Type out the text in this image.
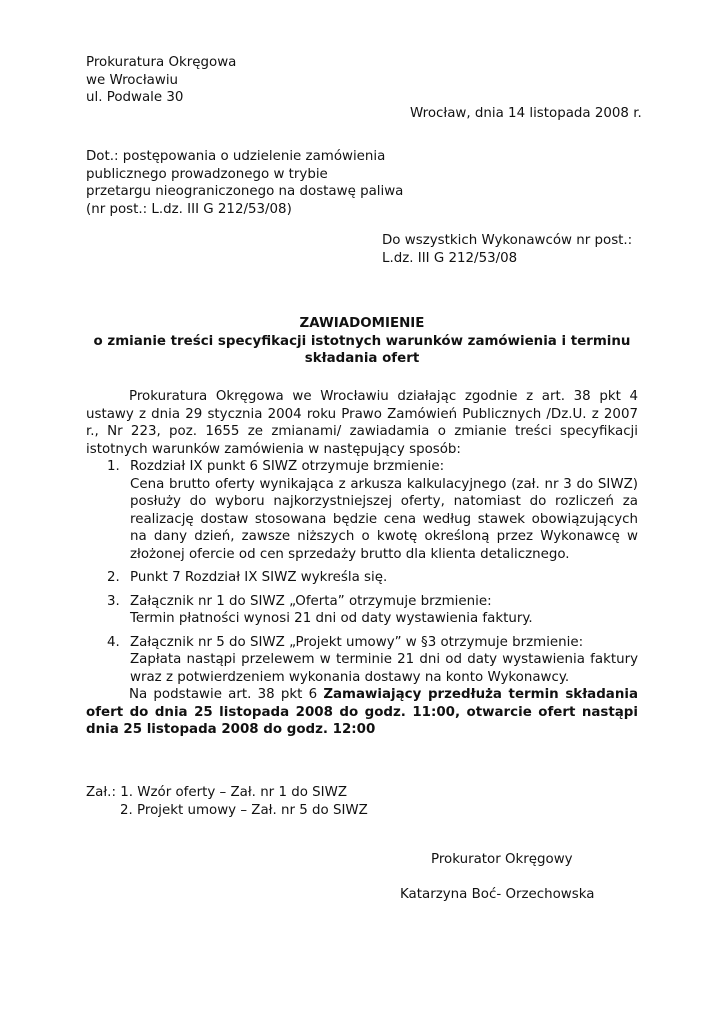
Prokuratura Okręgowa
we Wrocławiu
ul. Podwale 30
Wrocław, dnia 14 listopada 2008 r.
Dot.: postępowania o udzielenie zamówienia
publicznego prowadzonego w trybie
przetargu nieograniczonego na dostawę paliwa
(nr post.: L.dz. III G 212/53/08)
Do wszystkich Wykonawców nr post.:
L.dz. III G 212/53/08
ZAWIADOMIENIE
o zmianie treści specyfikacji istotnych warunków zamówienia i terminu
składania ofert

Prokuratura Okręgowa we Wrocławiu działając zgodnie z art. 38 pkt 4 ustawy z dnia 29 stycznia 2004 roku Prawo Zamówień Publicznych /Dz.U. z 2007 r., Nr 223, poz. 1655 ze zmianami/ zawiadamia o zmianie treści specyfikacji istotnych warunków zamówienia w następujący sposób:

1. Rozdział IX punkt 6 SIWZ otrzymuje brzmienie:
Cena brutto oferty wynikająca z arkusza kalkulacyjnego (zał. nr 3 do SIWZ) posłuży do wyboru najkorzystniejszej oferty, natomiast do rozliczeń za realizację dostaw stosowana będzie cena według stawek obowiązujących na dany dzień, zawsze niższych o kwotę określoną przez Wykonawcę w złożonej ofercie od cen sprzedaży brutto dla klienta detalicznego.
2. Punkt 7 Rozdział IX SIWZ wykreśla się.
3. Załącznik nr 1 do SIWZ „Oferta” otrzymuje brzmienie:
Termin płatności wynosi 21 dni od daty wystawienia faktury.
4. Załącznik nr 5 do SIWZ „Projekt umowy” w §3 otrzymuje brzmienie:
Zapłata nastąpi przelewem w terminie 21 dni od daty wystawienia faktury wraz z potwierdzeniem wykonania dostawy na konto Wykonawcy.

Na podstawie art. 38 pkt 6 Zamawiający przedłuża termin składania ofert do dnia 25 listopada 2008 do godz. 11:00, otwarcie ofert nastąpi dnia 25 listopada 2008 do godz. 12:00

Zał.: 1. Wzór oferty – Zał. nr 1 do SIWZ
2. Projekt umowy – Zał. nr 5 do SIWZ
Prokurator Okręgowy
Katarzyna Boć- Orzechowska
